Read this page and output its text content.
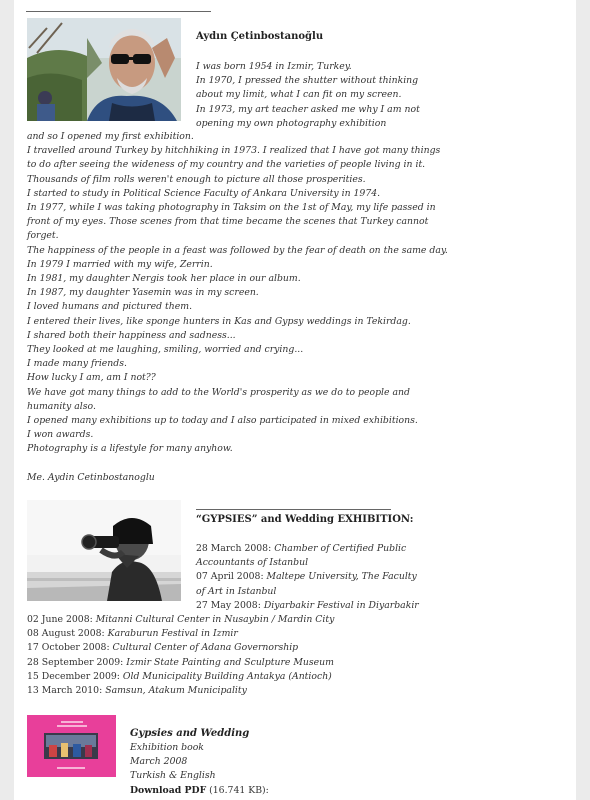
Aydın Çetinbostanoğlu
I was born 1954 in Izmir, Turkey.
In 1970, I pressed the shutter without thinking
about my limit, what I can fit on my screen.
In 1973, my art teacher asked me why I am not
opening my own photography exhibition
and so I opened my first exhibition.
I travelled around Turkey by hitchhiking in 1973. I realized that I have got many things
to do after seeing the wideness of my country and the varieties of people living in it.
Thousands of film rolls weren't enough to picture all those prosperities.
I started to study in Political Science Faculty of Ankara University in 1974.
In 1977, while I was taking photography in Taksim on the 1st of May, my life passed in
front of my eyes. Those scenes from that time became the scenes that Turkey cannot
forget.
The happiness of the people in a feast was followed by the fear of death on the same day.
In 1979 I married with my wife, Zerrin.
In 1981, my daughter Nergis took her place in our album.
In 1987, my daughter Yasemin was in my screen.
I loved humans and pictured them.
I entered their lives, like sponge hunters in Kas and Gypsy weddings in Tekirdag.
I shared both their happiness and sadness...
They looked at me laughing, smiling, worried and crying...
I made many friends.
How lucky I am, am I not??
We have got many things to add to the World's prosperity as we do to people and
humanity also.
I opened many exhibitions up to today and I also participated in mixed exhibitions.
I won awards.
Photography is a lifestyle for many anyhow.
Me. Aydin Cetinbostanoglu
“GYPSIES” and Wedding EXHIBITION:
28 March 2008: Chamber of Certified Public
Accountants of Istanbul
07 April 2008: Maltepe University, The Faculty
of Art in Istanbul
27 May 2008: Diyarbakir Festival in Diyarbakir
02 June 2008: Mitanni Cultural Center in Nusaybin / Mardin City
08 August 2008: Karaburun Festival in Izmir
17 October 2008: Cultural Center of Adana Governorship
28 September 2009: Izmir State Painting and Sculpture Museum
15 December 2009: Old Municipality Building Antakya (Antioch)
13 March 2010: Samsun, Atakum Municipality
Gypsies and Wedding
Exhibition book
March 2008
Turkish & English
Download PDF (16.741 KB):
